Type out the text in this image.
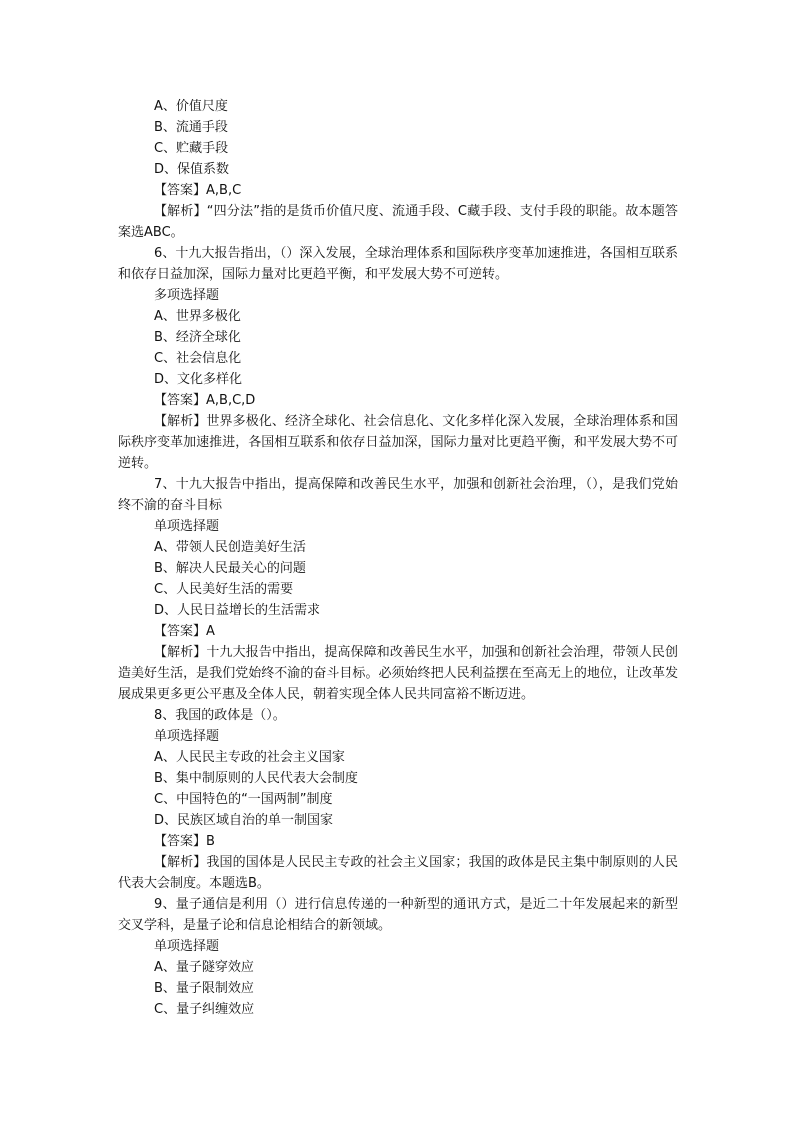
A、价值尺度
B、流通手段
C、贮藏手段
D、保值系数
【答案】A,B,C
【解析】“四分法”指的是货币价值尺度、流通手段、C藏手段、支付手段的职能。故本题答案选ABC。
6、十九大报告指出，（）深入发展，全球治理体系和国际秩序变革加速推进，各国相互联系和依存日益加深，国际力量对比更趋平衡，和平发展大势不可逆转。
多项选择题
A、世界多极化
B、经济全球化
C、社会信息化
D、文化多样化
【答案】A,B,C,D
【解析】世界多极化、经济全球化、社会信息化、文化多样化深入发展，全球治理体系和国际秩序变革加速推进，各国相互联系和依存日益加深，国际力量对比更趋平衡，和平发展大势不可逆转。
7、十九大报告中指出，提高保障和改善民生水平，加强和创新社会治理，（），是我们党始终不渝的奋斗目标
单项选择题
A、带领人民创造美好生活
B、解决人民最关心的问题
C、人民美好生活的需要
D、人民日益增长的生活需求
【答案】A
【解析】十九大报告中指出，提高保障和改善民生水平，加强和创新社会治理，带领人民创造美好生活，是我们党始终不渝的奋斗目标。必须始终把人民利益摆在至高无上的地位，让改革发展成果更多更公平惠及全体人民，朝着实现全体人民共同富裕不断迈进。
8、我国的政体是（）。
单项选择题
A、人民民主专政的社会主义国家
B、集中制原则的人民代表大会制度
C、中国特色的“一国两制”制度
D、民族区域自治的单一制国家
【答案】B
【解析】我国的国体是人民民主专政的社会主义国家；我国的政体是民主集中制原则的人民代表大会制度。本题选B。
9、量子通信是利用（）进行信息传递的一种新型的通讯方式，是近二十年发展起来的新型交叉学科，是量子论和信息论相结合的新领域。
单项选择题
A、量子隧穿效应
B、量子限制效应
C、量子纠缠效应
